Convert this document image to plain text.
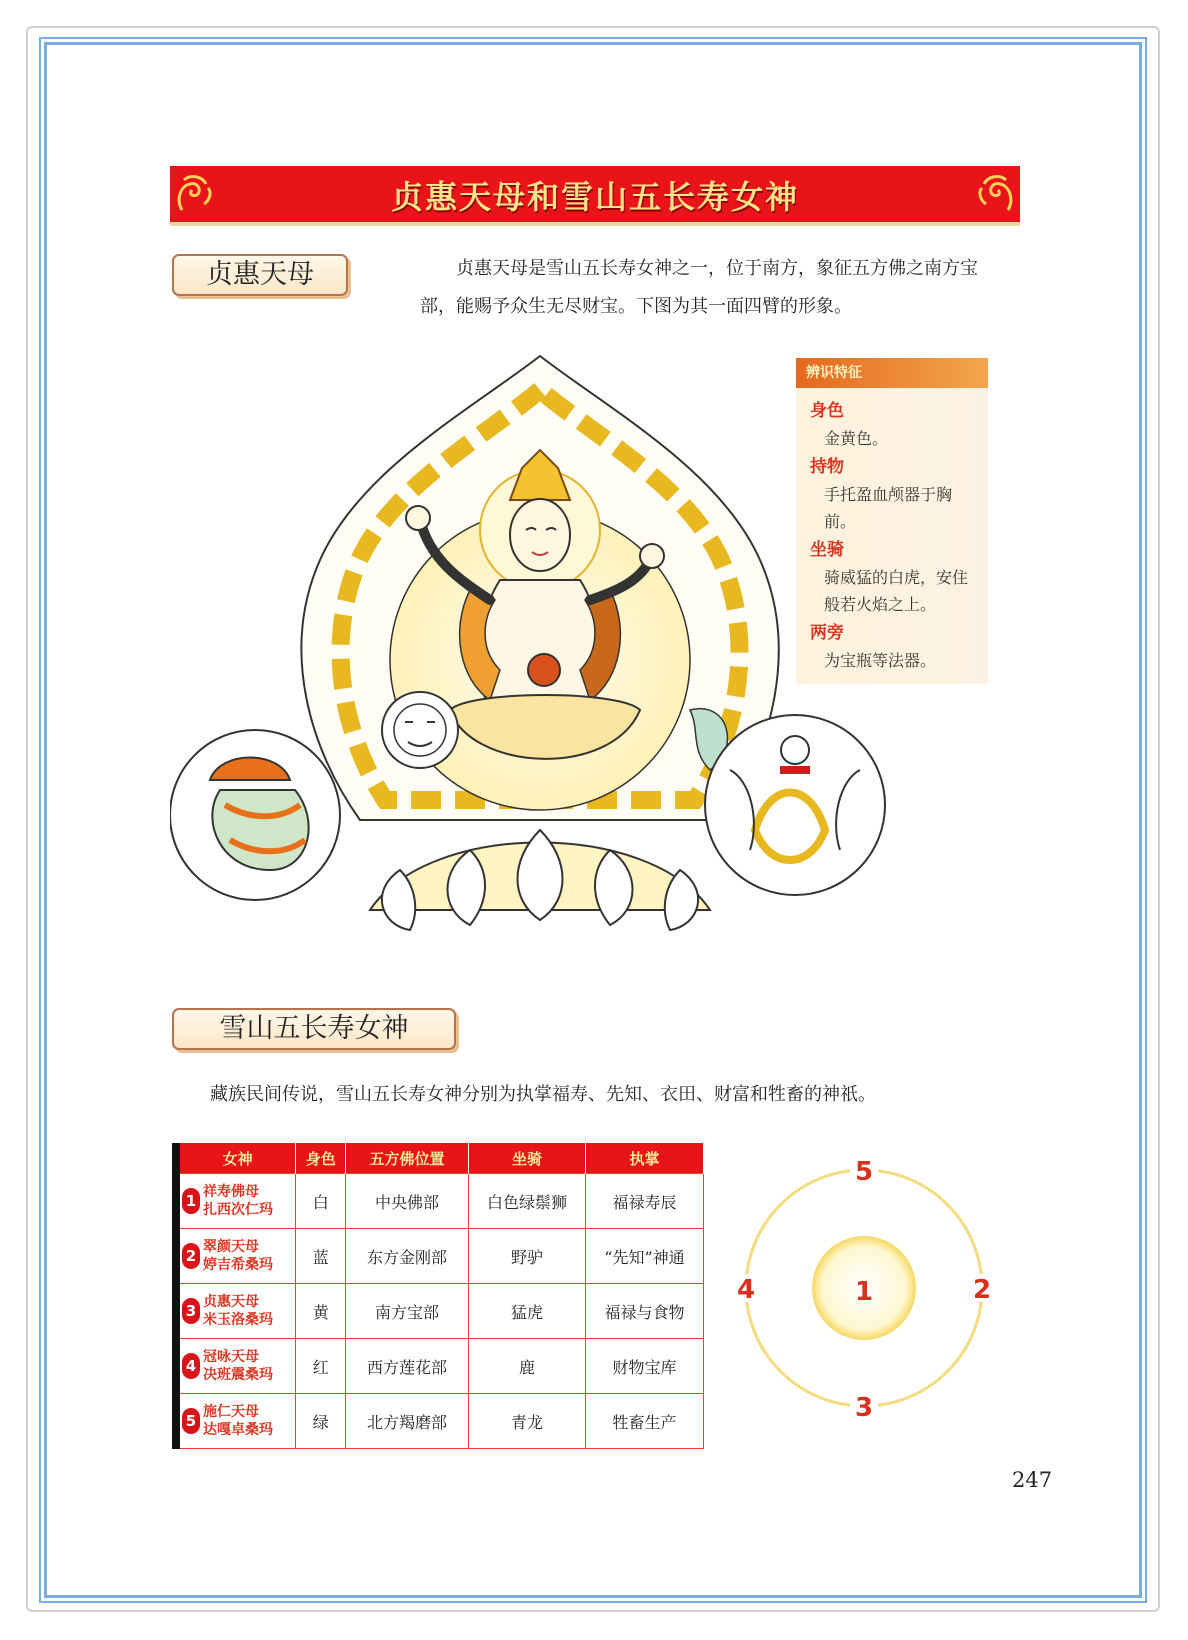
贞惠天母和雪山五长寿女神
贞惠天母	贞惠天母是雪山五长寿女神之一，位于南方，象征五方佛之南方宝部，能赐予众生无尽财宝。下图为其一面四臂的形象。
辨识特征
身色
金黄色。
持物
手托盈血颅器于胸前。
坐骑
骑威猛的白虎，安住般若火焰之上。
两旁
为宝瓶等法器。
雪山五长寿女神
藏族民间传说，雪山五长寿女神分别为执掌福寿、先知、衣田、财富和牲畜的神祇。
女神	身色	五方佛位置	坐骑	执掌
1 祥寿佛母
扎西次仁玛	白	中央佛部	白色绿鬃狮	福禄寿辰
2 翠颜天母
婷吉希桑玛	蓝	东方金刚部	野驴	“先知”神通
3 贞惠天母
米玉洛桑玛	黄	南方宝部	猛虎	福禄与食物
4 冠咏天母
决班震桑玛	红	西方莲花部	鹿	财物宝库
5 施仁天母
达嘎卓桑玛	绿	北方羯磨部	青龙	牲畜生产
1	2
3
4
5
247
